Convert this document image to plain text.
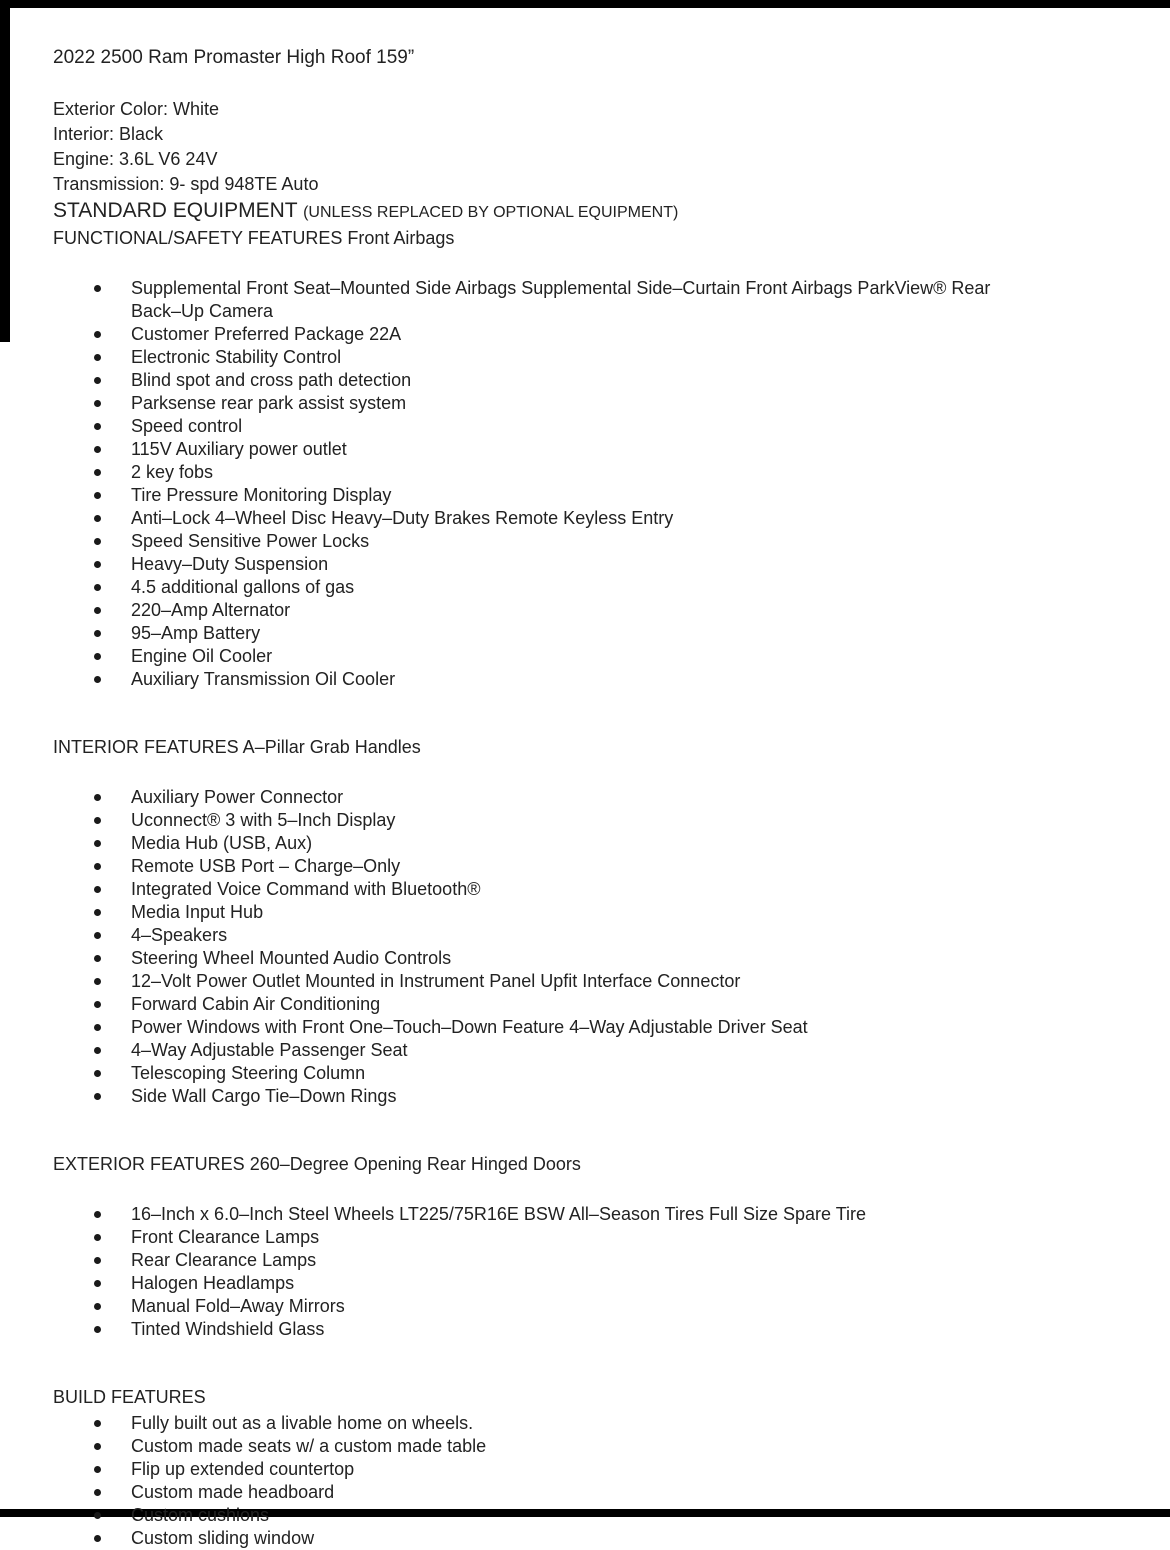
2022 2500 Ram Promaster High Roof 159”
Exterior Color: White
Interior: Black
Engine: 3.6L V6 24V
Transmission: 9- spd 948TE Auto

STANDARD EQUIPMENT (UNLESS REPLACED BY OPTIONAL EQUIPMENT)

FUNCTIONAL/SAFETY FEATURES Front Airbags
Supplemental Front Seat–Mounted Side Airbags Supplemental Side–Curtain Front Airbags ParkView® Rear Back–Up Camera
Customer Preferred Package 22A
Electronic Stability Control
Blind spot and cross path detection
Parksense rear park assist system
Speed control
115V Auxiliary power outlet
2 key fobs
Tire Pressure Monitoring Display
Anti–Lock 4–Wheel Disc Heavy–Duty Brakes Remote Keyless Entry
Speed Sensitive Power Locks
Heavy–Duty Suspension
4.5 additional gallons of gas
220–Amp Alternator
95–Amp Battery
Engine Oil Cooler
Auxiliary Transmission Oil Cooler
INTERIOR FEATURES A–Pillar Grab Handles
Auxiliary Power Connector
Uconnect® 3 with 5–Inch Display
Media Hub (USB, Aux)
Remote USB Port – Charge–Only
Integrated Voice Command with Bluetooth®
Media Input Hub
4–Speakers
Steering Wheel Mounted Audio Controls
12–Volt Power Outlet Mounted in Instrument Panel Upfit Interface Connector
Forward Cabin Air Conditioning
Power Windows with Front One–Touch–Down Feature 4–Way Adjustable Driver Seat
4–Way Adjustable Passenger Seat
Telescoping Steering Column
Side Wall Cargo Tie–Down Rings
EXTERIOR FEATURES 260–Degree Opening Rear Hinged Doors
16–Inch x 6.0–Inch Steel Wheels LT225/75R16E BSW All–Season Tires Full Size Spare Tire
Front Clearance Lamps
Rear Clearance Lamps
Halogen Headlamps
Manual Fold–Away Mirrors
Tinted Windshield Glass
BUILD FEATURES
Fully built out as a livable home on wheels.
Custom made seats w/ a custom made table
Flip up extended countertop
Custom made headboard
Custom cushions
Custom sliding window
